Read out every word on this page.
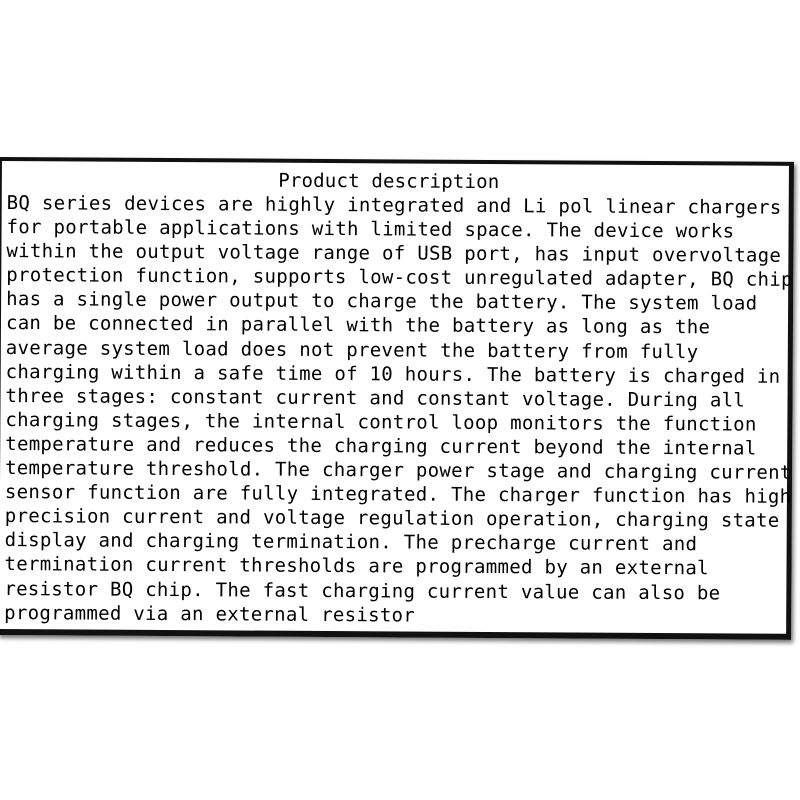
Product description
BQ series devices are highly integrated and Li pol linear chargers
for portable applications with limited space. The device works
within the output voltage range of USB port, has input overvoltage
protection function, supports low-cost unregulated adapter, BQ chip
has a single power output to charge the battery. The system load
can be connected in parallel with the battery as long as the
average system load does not prevent the battery from fully
charging within a safe time of 10 hours. The battery is charged in
three stages: constant current and constant voltage. During all
charging stages, the internal control loop monitors the function
temperature and reduces the charging current beyond the internal
temperature threshold. The charger power stage and charging current
sensor function are fully integrated. The charger function has high
precision current and voltage regulation operation, charging state
display and charging termination. The precharge current and
termination current thresholds are programmed by an external
resistor BQ chip. The fast charging current value can also be
programmed via an external resistor
